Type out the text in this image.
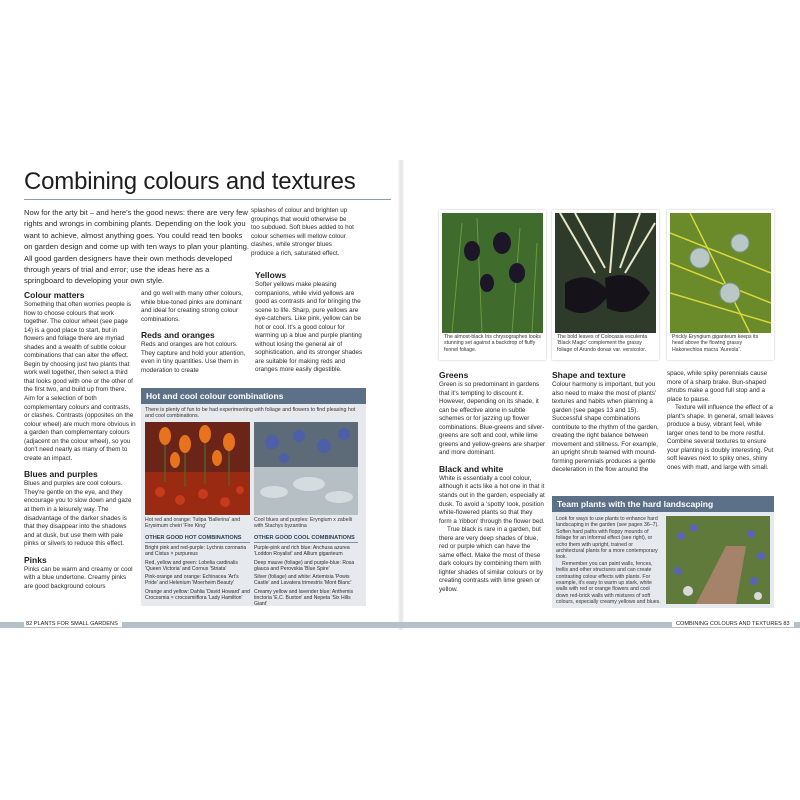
Combining colours and textures
Now for the arty bit – and here's the good news: there are very few rights and wrongs in combining plants. Depending on the look you want to achieve, almost anything goes. You could read ten books on garden design and come up with ten ways to plan your planting. All good garden designers have their own methods developed through years of trial and error; use the ideas here as a springboard to developing your own style.

splashes of colour and brighten up groupings that would otherwise be too subdued. Soft blues added to hot colour schemes will mellow colour clashes, while stronger blues produce a rich, saturated effect.

Colour matters

Something that often worries people is how to choose colours that work together. The colour wheel (see page 14) is a good place to start, but in flowers and foliage there are myriad shades and a wealth of subtle colour combinations that can alter the effect. Begin by choosing just two plants that work well together, then select a third that looks good with one or the other of the first two, and build up from there. Aim for a selection of both complementary colours and contrasts, or clashes. Contrasts (opposites on the colour wheel) are much more obvious in a garden than complementary colours (adjacent on the colour wheel), so you don't need nearly as many of them to create an impact.

Blues and purples

Blues and purples are cool colours. They're gentle on the eye, and they encourage you to slow down and gaze at them in a leisurely way. The disadvantage of the darker shades is that they disappear into the shadows and at dusk, but use them with pale pinks or silvers to reduce this effect.

Pinks

Pinks can be warm and creamy or cool with a blue undertone. Creamy pinks are good background colours

and go well with many other colours, while blue-toned pinks are dominant and ideal for creating strong colour combinations.

Reds and oranges

Reds and oranges are hot colours. They capture and hold your attention, even in tiny quantities. Use them in moderation to create

Yellows

Softer yellows make pleasing companions, while vivid yellows are good as contrasts and for bringing the scene to life. Sharp, pure yellows are eye-catchers. Like pink, yellow can be hot or cool. It's a good colour for warming up a blue and purple planting without losing the general air of sophistication, and its stronger shades are suitable for making reds and oranges more easily digestible.

Hot and cool colour combinations
There is plenty of fun to be had experimenting with foliage and flowers to find pleasing hot and cool combinations.
Hot red and orange: Tulipa 'Ballerina' and Erysimum cheiri 'Fire King'
Cool blues and purples: Eryngium x zabelii with Stachys byzantina
OTHER GOOD HOT COMBINATIONS
Bright pink and red-purple: Lychnis coronaria and Cistus × purpureus
Red, yellow and green: Lobelia cardinalis 'Queen Victoria' and Cornus 'Striata'
Pink-orange and orange: Echinacea 'Art's Pride' and Helenium 'Moerheim Beauty'
Orange and yellow: Dahlia 'David Howard' and Crocosmia × crocosmiiflora 'Lady Hamilton'
OTHER GOOD COOL COMBINATIONS
Purple-pink and rich blue: Anchusa azurea 'Loddon Royalist' and Allium giganteum
Deep mauve (foliage) and purple-blue: Rosa glauca and Perovskia 'Blue Spire'
Silver (foliage) and white: Artemisia 'Powis Castle' and Lavatera trimestris 'Mont Blanc'
Creamy yellow and lavender blue: Anthemis tinctoria 'E.C. Buxton' and Nepeta 'Six Hills Giant'
The almost-black Iris chrysographes looks stunning set against a backdrop of fluffy fennel foliage.
The bold leaves of Colocasia esculenta 'Black Magic' complement the grassy foliage of Arundo donax var. versicolor.
Prickly Eryngium giganteum keeps its head above the flowing grassy Hakonechloa macra 'Aureola'.
Greens

Green is so predominant in gardens that it's tempting to discount it. However, depending on its shade, it can be effective alone in subtle schemes or for jazzing up flower combinations. Blue-greens and silver-greens are soft and cool, while lime greens and yellow-greens are sharper and more dominant.

Black and white

White is essentially a cool colour, although it acts like a hot one in that it stands out in the garden, especially at dusk. To avoid a 'spotty' look, position white-flowered plants so that they form a 'ribbon' through the flower bed.

True black is rare in a garden, but there are very deep shades of blue, red or purple which can have the same effect. Make the most of these dark colours by combining them with lighter shades of similar colours or by creating contrasts with lime green or yellow.

Shape and texture

Colour harmony is important, but you also need to make the most of plants' textures and habits when planning a garden (see pages 13 and 15). Successful shape combinations contribute to the rhythm of the garden, creating the right balance between movement and stillness. For example, an upright shrub teamed with mound-forming perennials produces a gentle deceleration in the flow around the

space, while spiky perennials cause more of a sharp brake. Bun-shaped shrubs make a good full stop and a place to pause.

Texture will influence the effect of a plant's shape. In general, small leaves produce a busy, vibrant feel, while larger ones tend to be more restful. Combine several textures to ensure your planting is doubly interesting. Put soft leaves next to spiky ones, shiny ones with matt, and large with small.

Team plants with the hard landscaping
Look for ways to use plants to enhance hard landscaping in the garden (see pages 36–7). Soften hard paths with floppy mounds of foliage for an informal effect (see right), or echo them with upright, trained or architectural plants for a more contemporary look.
Remember you can paint walls, fences, trellis and other structures and can create contrasting colour effects with plants. For example, it's easy to warm up stark, white walls with red or orange flowers and cool down red-brick walls with mixtures of soft colours, especially creamy yellows and blues.
82 PLANTS FOR SMALL GARDENS	COMBINING COLOURS AND TEXTURES 83
